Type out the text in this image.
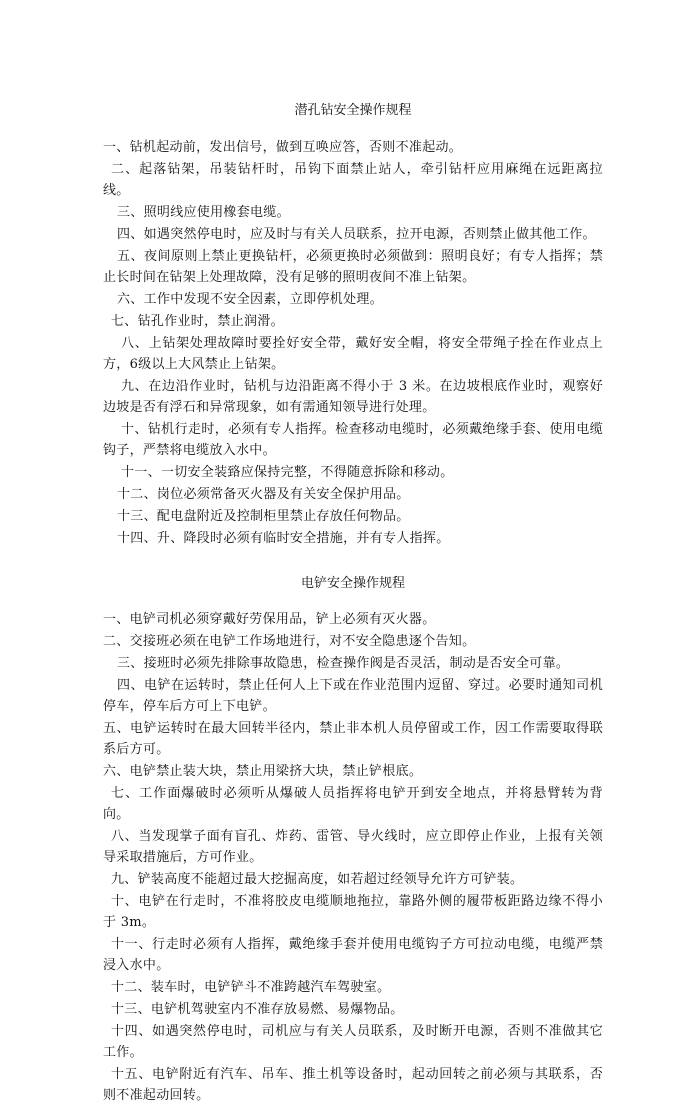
潜孔钻安全操作规程

一、钻机起动前，发出信号，做到互唤应答，否则不准起动。

二、起落钻架，吊装钻杆时，吊钩下面禁止站人，牵引钻杆应用麻绳在远距离拉线。

三、照明线应使用橡套电缆。

四、如遇突然停电时，应及时与有关人员联系，拉开电源，否则禁止做其他工作。

五、夜间原则上禁止更换钻杆，必须更换时必须做到：照明良好；有专人指挥；禁止长时间在钻架上处理故障，没有足够的照明夜间不准上钻架。

六、工作中发现不安全因素，立即停机处理。

七、钻孔作业时，禁止润滑。

八、上钻架处理故障时要拴好安全带，戴好安全帽，将安全带绳子拴在作业点上方，6级以上大风禁止上钻架。

九、在边沿作业时，钻机与边沿距离不得小于 3 米。在边坡根底作业时，观察好边坡是否有浮石和异常现象，如有需通知领导进行处理。

十、钻机行走时，必须有专人指挥。检查移动电缆时，必须戴绝缘手套、使用电缆钩子，严禁将电缆放入水中。

十一、一切安全装臵应保持完整，不得随意拆除和移动。

十二、岗位必须常备灭火器及有关安全保护用品。

十三、配电盘附近及控制柜里禁止存放任何物品。

十四、升、降段时必须有临时安全措施，并有专人指挥。

电铲安全操作规程

一、电铲司机必须穿戴好劳保用品，铲上必须有灭火器。

二、交接班必须在电铲工作场地进行，对不安全隐患逐个告知。

三、接班时必须先排除事故隐患，检查操作阀是否灵活，制动是否安全可靠。

四、电铲在运转时，禁止任何人上下或在作业范围内逗留、穿过。必要时通知司机停车，停车后方可上下电铲。

五、电铲运转时在最大回转半径内，禁止非本机人员停留或工作，因工作需要取得联系后方可。

六、电铲禁止装大块，禁止用梁挤大块，禁止铲根底。

七、工作面爆破时必须听从爆破人员指挥将电铲开到安全地点，并将悬臂转为背向。

八、当发现掌子面有盲孔、炸药、雷管、导火线时，应立即停止作业，上报有关领导采取措施后，方可作业。

九、铲装高度不能超过最大挖掘高度，如若超过经领导允许方可铲装。

十、电铲在行走时，不准将胶皮电缆顺地拖拉，靠路外侧的履带板距路边缘不得小于 3m。

十一、行走时必须有人指挥，戴绝缘手套并使用电缆钩子方可拉动电缆，电缆严禁浸入水中。

十二、装车时，电铲铲斗不准跨越汽车驾驶室。

十三、电铲机驾驶室内不准存放易燃、易爆物品。

十四、如遇突然停电时，司机应与有关人员联系，及时断开电源，否则不准做其它工作。

十五、电铲附近有汽车、吊车、推土机等设备时，起动回转之前必须与其联系，否则不准起动回转。
